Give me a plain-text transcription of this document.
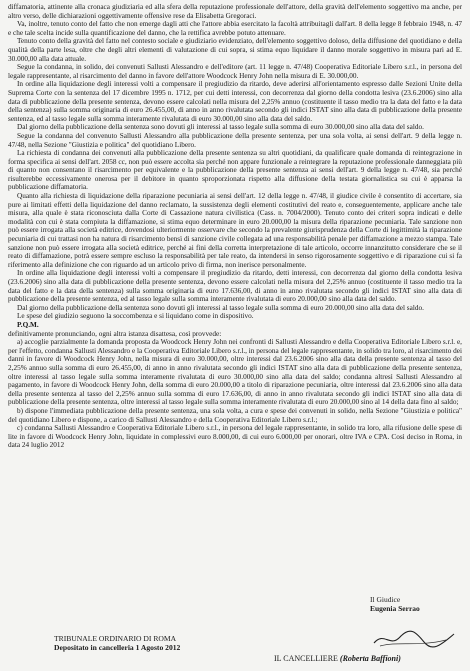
diffamatoria, attinente alla cronaca giudiziaria ed alla sfera della reputazione professionale dell'attore, della gravità dell'elemento soggettivo ma anche, per altro verso, delle dichiarazioni oggettivamente offensive rese da Elisabetta Gregoraci.

Va, inoltre, tenuto conto del fatto che non emerge dagli atti che l'attore abbia esercitato la facoltà attribuitagli dall'art. 8 della legge 8 febbraio 1948, n. 47 e che tale scelta incide sulla quantificazione del danno, che la rettifica avrebbe potuto attenuare.

Tenuto conto della gravità del fatto nel contesto sociale e giudiziario evidenziato, dell'elemento soggettivo doloso, della diffusione del quotidiano e della qualità della parte lesa, oltre che degli altri elementi di valutazione di cui sopra, si stima equo liquidare il danno morale soggettivo in misura pari ad E. 30.000,00 alla data attuale.

Segue la condanna, in solido, dei convenuti Sallusti Alessandro e dell'editore (art. 11 legge n. 47/48) Cooperativa Editoriale Libero s.r.l., in persona del legale rappresentante, al risarcimento del danno in favore dell'attore Woodcock Henry John nella misura di E. 30.000,00.

In ordine alla liquidazione degli interessi volti a compensare il pregiudizio da ritardo, deve aderirsi all'orientamento espresso dalle Sezioni Unite della Suprema Corte con la sentenza del 17 dicembre 1995 n. 1712, per cui detti interessi, con decorrenza dal giorno della condotta lesiva (23.6.2006) sino alla data di pubblicazione della presente sentenza, devono essere calcolati nella misura del 2,25% annuo (costituente il tasso medio tra la data del fatto e la data della sentenza) sulla somma originaria di euro 26.455,00, di anno in anno rivalutata secondo gli indici ISTAT sino alla data di pubblicazione della presente sentenza, ed al tasso legale sulla somma interamente rivalutata di euro 30.000,00 sino alla data del saldo.

Dal giorno della pubblicazione della sentenza sono dovuti gli interessi al tasso legale sulla somma di euro 30.000,00 sino alla data del saldo.

Segue la condanna del convenuto Sallusti Alessandro alla pubblicazione della presente sentenza, per una sola volta, ai sensi dell'art. 9 della legge n. 47/48, nella Sezione "Giustizia e politica" del quotidiano Libero.

La richiesta di condanna dei convenuti alla pubblicazione della presente sentenza su altri quotidiani, da qualificare quale domanda di reintegrazione in forma specifica ai sensi dell'art. 2058 cc, non può essere accolta sia perché non appare funzionale a reintegrare la reputazione professionale danneggiata più di quanto non consentano il risarcimento per equivalente e la pubblicazione della presente sentenza ai sensi dell'art. 9 della legge n. 47/48, sia perché risulterebbe eccessivamente onerosa per il debitore in quanto sproporzionata rispetto alla diffusione della testata giornalistica su cui è apparsa la pubblicazione diffamatoria.

Quanto alla richiesta di liquidazione della riparazione pecuniaria ai sensi dell'art. 12 della legge n. 47/48, il giudice civile è consentito di accertare, sia pure ai limitati effetti della liquidazione del danno reclamato, la sussistenza degli elementi costitutivi del reato e, conseguentemente, applicare anche tale misura, alla quale è stata riconosciuta dalla Corte di Cassazione natura civilistica (Cass. n. 7004/2000). Tenuto conto dei criteri sopra indicati e delle modalità con cui è stata compiuta la diffamazione, si stima equo determinare in euro 20.000,00 la misura della riparazione pecuniaria. Tale sanzione non può essere irrogata alla società editrice, dovendosi ulteriormente osservare che secondo la prevalente giurisprudenza della Corte di legittimità la riparazione pecuniaria di cui trattasi non ha natura di risarcimento bensì di sanzione civile collegata ad una responsabilità penale per diffamazione a mezzo stampa. Tale sanzione non può essere irrogata alla società editrice, perché ai fini della corretta interpretazione di tale articolo, occorre innanzitutto considerare che se il reato di diffamazione, potrà essere sempre escluso la responsabilità per tale reato, da intendersi in senso rigorosamente soggettivo e di riparazione cui si fa riferimento alla definizione che con riguardo ad un articolo privo di firma, non inerisce personalmente.

In ordine alla liquidazione degli interessi volti a compensare il pregiudizio da ritardo, detti interessi, con decorrenza dal giorno della condotta lesiva (23.6.2006) sino alla data di pubblicazione della presente sentenza, devono essere calcolati nella misura del 2,25% annuo (costituente il tasso medio tra la data del fatto e la data della sentenza) sulla somma originaria di euro 17.636,00, di anno in anno rivalutata secondo gli indici ISTAT sino alla data di pubblicazione della presente sentenza, ed al tasso legale sulla somma interamente rivalutata di euro 20.000,00 sino alla data del saldo.

Dal giorno della pubblicazione della sentenza sono dovuti gli interessi al tasso legale sulla somma di euro 20.000,00 sino alla data del saldo.

Le spese del giudizio seguono la soccombenza e si liquidano come in dispositivo.

P.Q.M.

definitivamente pronunciando, ogni altra istanza disattesa, così provvede:

a) accoglie parzialmente la domanda proposta da Woodcock Henry John nei confronti di Sallusti Alessandro e della Cooperativa Editoriale Libero s.r.l. e, per l'effetto, condanna Sallusti Alessandro e la Cooperativa Editoriale Libero s.r.l., in persona del legale rappresentante, in solido tra loro, al risarcimento dei danni in favore di Woodcock Henry John, nella misura di euro 30.000,00, oltre interessi dal 23.6.2006 sino alla data della presente sentenza al tasso del 2,25% annuo sulla somma di euro 26.455,00, di anno in anno rivalutata secondo gli indici ISTAT sino alla data di pubblicazione della presente sentenza, oltre interessi al tasso legale sulla somma interamente rivalutata di euro 30.000,00 sino alla data del saldo; condanna altresì Sallusti Alessandro al pagamento, in favore di Woodcock Henry John, della somma di euro 20.000,00 a titolo di riparazione pecuniaria, oltre interessi dal 23.6.2006 sino alla data della presente sentenza al tasso del 2,25% annuo sulla somma di euro 17.636,00, di anno in anno rivalutata secondo gli indici ISTAT sino alla data di pubblicazione della presente sentenza, oltre interessi al tasso legale sulla somma interamente rivalutata di euro 20.000,00 sino al 14 della data fino al saldo;

b) dispone l'immediata pubblicazione della presente sentenza, una sola volta, a cura e spese dei convenuti in solido, nella Sezione "Giustizia e politica" del quotidiano Libero e dispone, a carico di Sallusti Alessandro e della Cooperativa Editoriale Libero s.r.l.;

c) condanna Sallusti Alessandro e Cooperativa Editoriale Libero s.r.l., in persona del legale rappresentante, in solido tra loro, alla rifusione delle spese di lite in favore di Woodcock Henry John, liquidate in complessivi euro 8.000,00, di cui euro 6.000,00 per onorari, oltre IVA e CPA. Così deciso in Roma, in data 24 luglio 2012

Il Giudice
Eugenia Serrao
TRIBUNALE ORDINARIO DI ROMA
Depositato in cancelleria 1 Agosto 2012
IL CANCELLIERE (Roberta Baffioni)
